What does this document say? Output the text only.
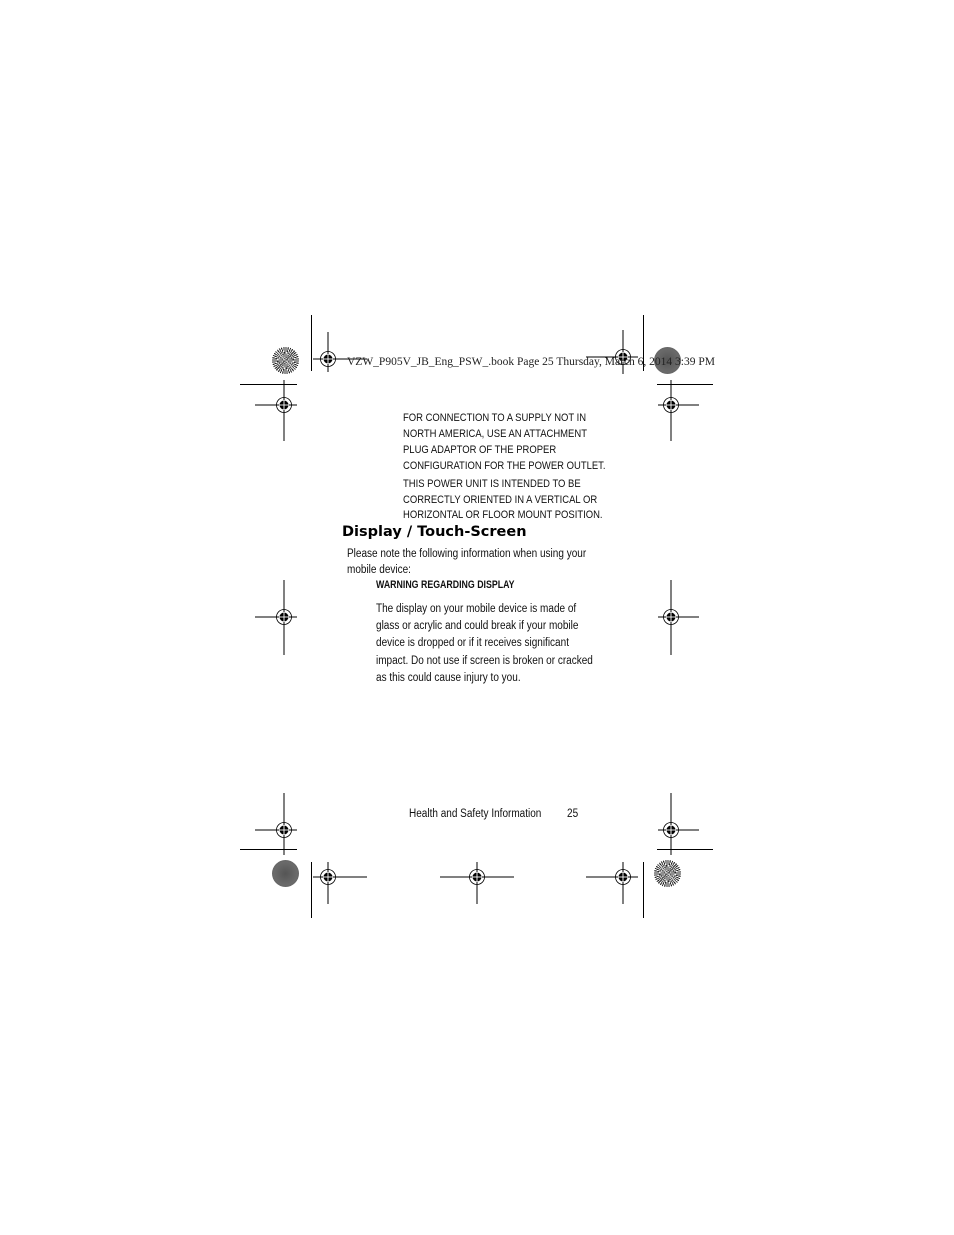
VZW_P905V_JB_Eng_PSW_.book Page 25 Thursday, March 6, 2014 3:39 PM
FOR CONNECTION TO A SUPPLY NOT IN
NORTH AMERICA, USE AN ATTACHMENT
PLUG ADAPTOR OF THE PROPER
CONFIGURATION FOR THE POWER OUTLET.
THIS POWER UNIT IS INTENDED TO BE
CORRECTLY ORIENTED IN A VERTICAL OR
HORIZONTAL OR FLOOR MOUNT POSITION.
Display / Touch-Screen
Please note the following information when using your
mobile device:
WARNING REGARDING DISPLAY
The display on your mobile device is made of
glass or acrylic and could break if your mobile
device is dropped or if it receives significant
impact. Do not use if screen is broken or cracked
as this could cause injury to you.
Health and Safety Information 25
